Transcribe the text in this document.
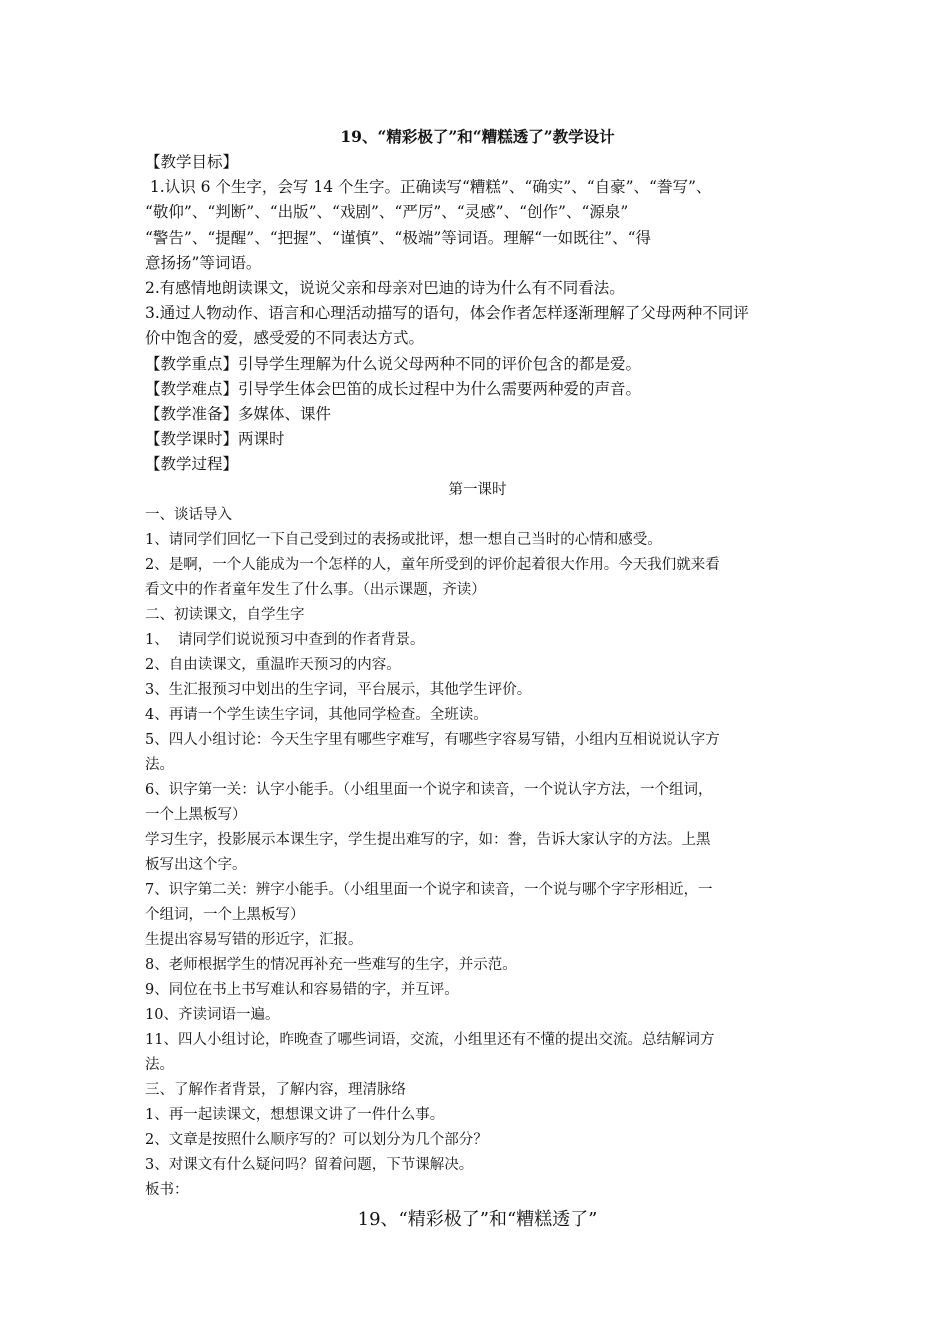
19、“精彩极了”和“糟糕透了”教学设计

【教学目标】

1.认识 6 个生字，会写 14 个生字。正确读写“糟糕”、“确实”、“自豪”、“誊写”、

“敬仰”、“判断”、“出版”、“戏剧”、“严厉”、“灵感”、“创作”、“源泉”

“警告”、“提醒”、“把握”、“谨慎”、“极端”等词语。理解“一如既往”、“得

意扬扬”等词语。

2.有感情地朗读课文，说说父亲和母亲对巴迪的诗为什么有不同看法。

3.通过人物动作、语言和心理活动描写的语句，体会作者怎样逐渐理解了父母两种不同评

价中饱含的爱，感受爱的不同表达方式。

【教学重点】引导学生理解为什么说父母两种不同的评价包含的都是爱。

【教学难点】引导学生体会巴笛的成长过程中为什么需要两种爱的声音。

【教学准备】多媒体、课件

【教学课时】两课时

【教学过程】

第一课时

一、谈话导入

1、请同学们回忆一下自己受到过的表扬或批评，想一想自己当时的心情和感受。

2、是啊，一个人能成为一个怎样的人，童年所受到的评价起着很大作用。今天我们就来看

看文中的作者童年发生了什么事。（出示课题，齐读）

二、初读课文，自学生字

1、  请同学们说说预习中查到的作者背景。

2、自由读课文，重温昨天预习的内容。

3、生汇报预习中划出的生字词，平台展示，其他学生评价。

4、再请一个学生读生字词，其他同学检查。全班读。

5、四人小组讨论：今天生字里有哪些字难写，有哪些字容易写错，小组内互相说说认字方

法。

6、识字第一关：认字小能手。（小组里面一个说字和读音，一个说认字方法，一个组词，

一个上黑板写）

学习生字，投影展示本课生字，学生提出难写的字，如：誊，告诉大家认字的方法。上黑

板写出这个字。

7、识字第二关：辨字小能手。（小组里面一个说字和读音，一个说与哪个字字形相近，一

个组词，一个上黑板写）

生提出容易写错的形近字，汇报。

8、老师根据学生的情况再补充一些难写的生字，并示范。

9、同位在书上书写难认和容易错的字，并互评。

10、齐读词语一遍。

11、四人小组讨论，昨晚查了哪些词语，交流，小组里还有不懂的提出交流。总结解词方

法。

三、了解作者背景，了解内容，理清脉络

1、再一起读课文，想想课文讲了一件什么事。

2、文章是按照什么顺序写的？可以划分为几个部分？

3、对课文有什么疑问吗？留着问题，下节课解决。

板书：

19、“精彩极了”和“糟糕透了”
